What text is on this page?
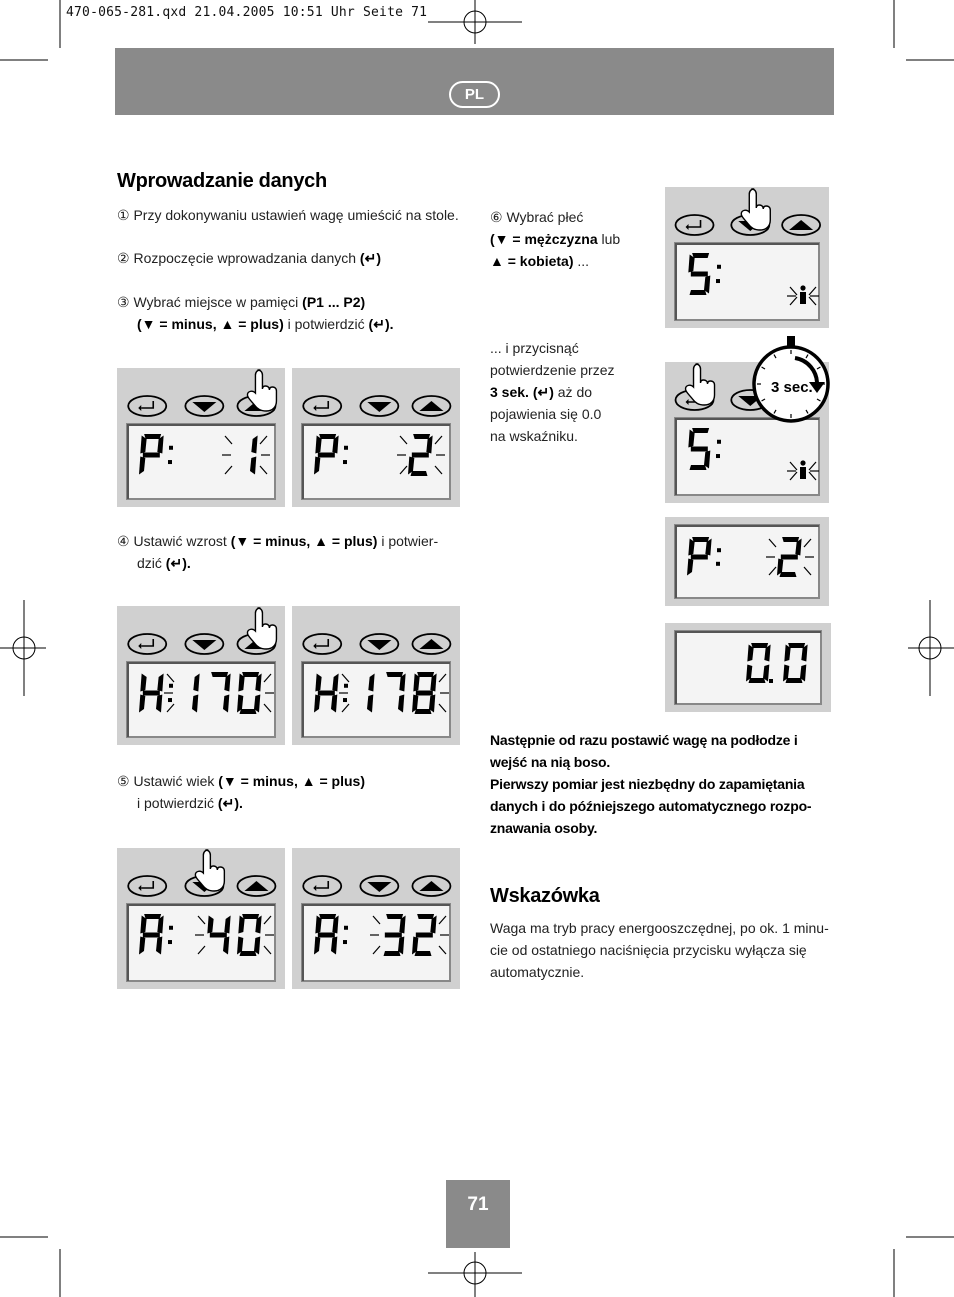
470-065-281.qxd 21.04.2005 10:51 Uhr Seite 71
PL
Wprowadzanie danych
① Przy dokonywaniu ustawień wagę umieścić na stole.
② Rozpoczęcie wprowadzania danych (↵)
③ Wybrać miejsce w pamięci (P1 ... P2)
(▼ = minus, ▲ = plus) i potwierdzić (↵).
④ Ustawić wzrost (▼ = minus, ▲ = plus) i potwier-
dzić (↵).
⑤ Ustawić wiek (▼ = minus, ▲ = plus)
i potwierdzić (↵).
⑥ Wybrać płeć
(▼ = mężczyzna lub
▲ = kobieta) ...
... i przycisnąć
potwierdzenie przez
3 sek. (↵) aż do
pojawienia się 0.0
na wskaźniku.
Następnie od razu postawić wagę na podłodze i
wejść na nią boso.
Pierwszy pomiar jest niezbędny do zapamiętania
danych i do późniejszego automatycznego rozpo-
znawania osoby.
Wskazówka
Waga ma tryb pracy energooszczędnej, po ok. 1 minu-
cie od ostatniego naciśnięcia przycisku wyłącza się
automatycznie.
71
3 sec.
